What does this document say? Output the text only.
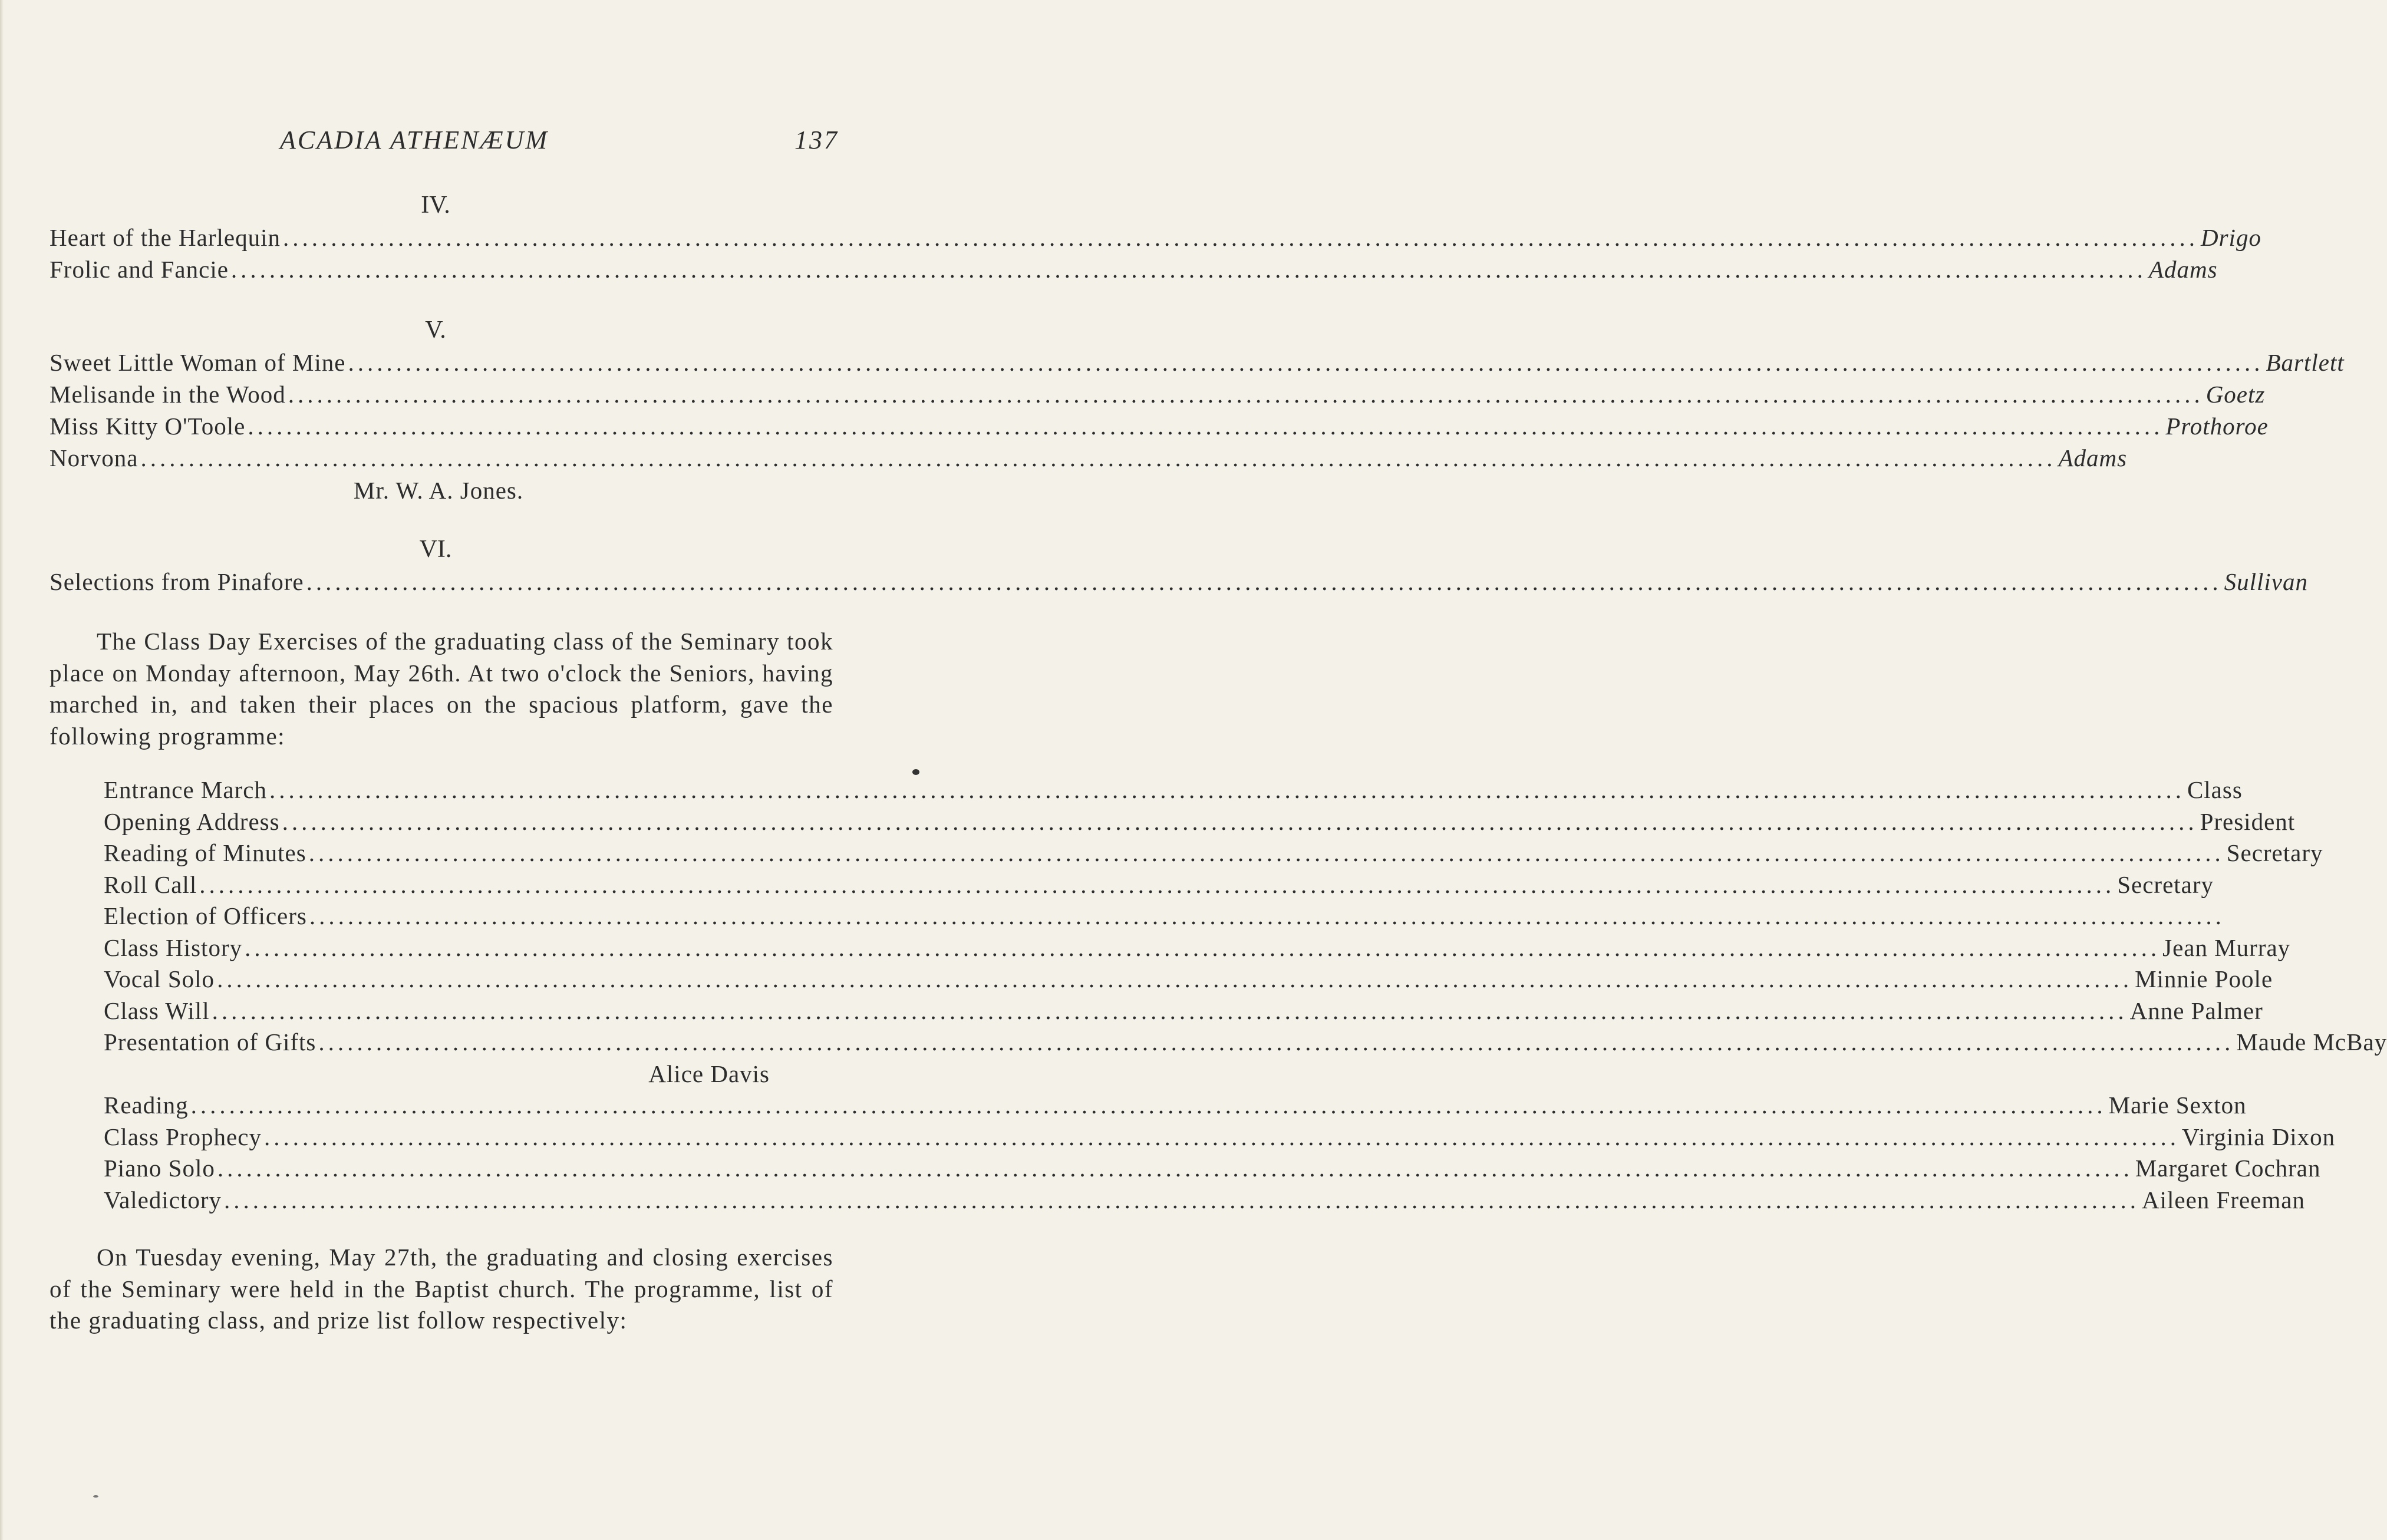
ACADIA ATHENÆUM	137
IV.
Heart of the Harlequin ........................................................................................................................................................................................................ Drigo
Frolic and Fancie ........................................................................................................................................................................................................ Adams
V.
Sweet Little Woman of Mine ........................................................................................................................................................................................................ Bartlett
Melisande in the Wood ........................................................................................................................................................................................................ Goetz
Miss Kitty O'Toole ........................................................................................................................................................................................................ Prothoroe
Norvona ........................................................................................................................................................................................................ Adams
Mr. W. A. Jones.
VI.
Selections from Pinafore ........................................................................................................................................................................................................ Sullivan

The Class Day Exercises of the graduating class of the Seminary took place on Monday afternoon, May 26th. At two o'clock the Seniors, having marched in, and taken their places on the spacious platform, gave the following programme:

Entrance March ........................................................................................................................................................................................................ Class
Opening Address ........................................................................................................................................................................................................ President
Reading of Minutes ........................................................................................................................................................................................................ Secretary
Roll Call ........................................................................................................................................................................................................ Secretary
Election of Officers ........................................................................................................................................................................................................
Class History ........................................................................................................................................................................................................ Jean Murray
Vocal Solo ........................................................................................................................................................................................................ Minnie Poole
Class Will ........................................................................................................................................................................................................ Anne Palmer
Presentation of Gifts ........................................................................................................................................................................................................ Maude McBay
Alice Davis
Reading ........................................................................................................................................................................................................ Marie Sexton
Class Prophecy ........................................................................................................................................................................................................ Virginia Dixon
Piano Solo ........................................................................................................................................................................................................ Margaret Cochran
Valedictory ........................................................................................................................................................................................................ Aileen Freeman

On Tuesday evening, May 27th, the graduating and closing exercises of the Seminary were held in the Baptist church. The programme, list of the graduating class, and prize list follow respectively:
